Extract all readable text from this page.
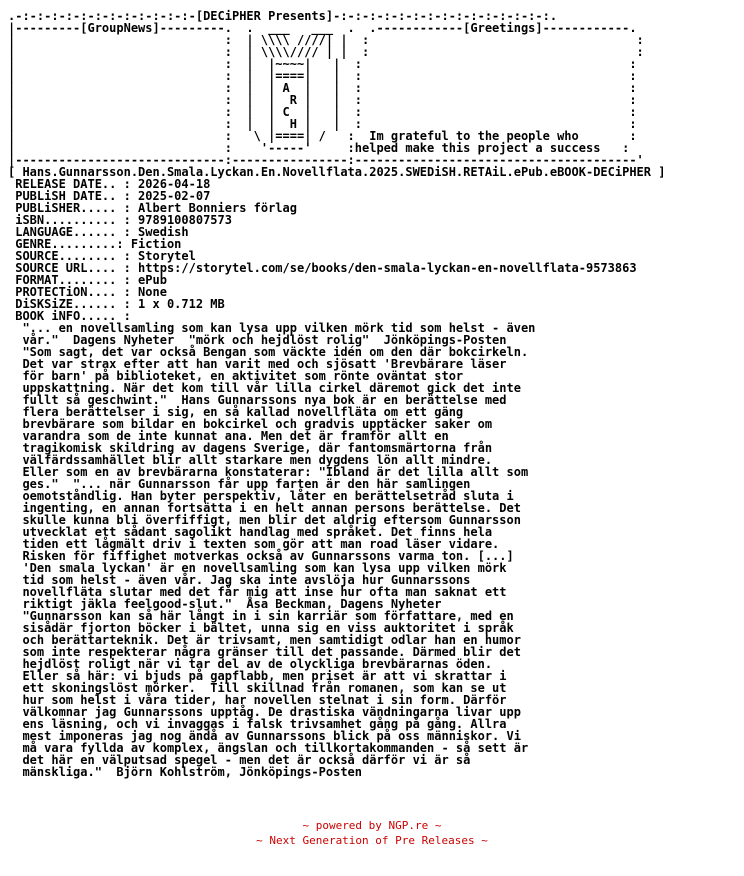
.-:-:-:-:-:-:-:-:-:-:-:-:-[DECiPHER Presents]-:-:-:-:-:-:-:-:-:-:-:-:-:-:-:.
|---------[GroupNews]---------.  .  ___   ___  .  .------------[Greetings]------------.
|                             :  | \\\\ ////| |  :                                     :
|                             :  | \\\\//// | |  :                                     :
|                             :  |  |~~~~|   |  :                                     :
|                             :  |  |====|   |  :                                     :
|                             :  |  | A  |   |  :                                     :
|                             :  |  |  R |   |  :                                     :
|                             :  |  | C  |   |  :                                     :
|                             :  |  |  H |   |  :                                     :
|                             :   \ |====| /   :  Im grateful to the people who       :
|                             :    '-----'     :helped make this project a success   :
|-----------------------------:----------------:---------------------------------------'
[ Hans.Gunnarsson.Den.Smala.Lyckan.En.Novellflata.2025.SWEDiSH.RETAiL.ePub.eBOOK-DECiPHER ]
RELEASE DATE.. : 2026-04-18
PUBLiSH DATE.. : 2025-02-07
PUBLiSHER..... : Albert Bonniers förlag
iSBN.......... : 9789100807573
LANGUAGE...... : Swedish
GENRE.........: Fiction
SOURCE........ : Storytel
SOURCE URL.... : https://storytel.com/se/books/den-smala-lyckan-en-novellflata-9573863
FORMAT........ : ePub
PROTECTiON.... : None
DiSKSiZE...... : 1 x 0.712 MB
BOOK iNFO..... :
"... en novellsamling som kan lysa upp vilken mörk tid som helst - även
vår."  Dagens Nyheter  "mörk och hejdlöst rolig"  Jönköpings-Posten
"Som sagt, det var också Bengan som väckte idén om den där bokcirkeln.
Det var strax efter att han varit med och sjösatt 'Brevbärare läser
för barn' på biblioteket, en aktivitet som rönte oväntat stor
uppskattning. När det kom till vår lilla cirkel däremot gick det inte
fullt så geschwint."  Hans Gunnarssons nya bok är en berättelse med
flera berättelser i sig, en så kallad novellfläta om ett gäng
brevbärare som bildar en bokcirkel och gradvis upptäcker saker om
varandra som de inte kunnat ana. Men det är framför allt en
tragikomisk skildring av dagens Sverige, där fantomsmärtorna från
välfärdssamhället blir allt starkare men dygdens lön allt mindre.
Eller som en av brevbärarna konstaterar: "Ibland är det lilla allt som
ges."  "... när Gunnarsson får upp farten är den här samlingen
oemotståndlig. Han byter perspektiv, låter en berättelsetråd sluta i
ingenting, en annan fortsätta i en helt annan persons berättelse. Det
skulle kunna bli överfiffigt, men blir det aldrig eftersom Gunnarsson
utvecklat ett sådant sagolikt handlag med språket. Det finns hela
tiden ett lågmält driv i texten som gör att man road läser vidare.
Risken för fiffighet motverkas också av Gunnarssons varma ton. [...]
'Den smala lyckan' är en novellsamling som kan lysa upp vilken mörk
tid som helst - även vår. Jag ska inte avslöja hur Gunnarssons
novellfläta slutar med det får mig att inse hur ofta man saknat ett
riktigt jäkla feelgood-slut."  Åsa Beckman, Dagens Nyheter
"Gunnarsson kan så här långt in i sin karriär som författare, med en
sisådär fjorton böcker i bältet, unna sig en viss auktoritet i språk
och berättarteknik. Det är trivsamt, men samtidigt odlar han en humor
som inte respekterar några gränser till det passande. Därmed blir det
hejdlöst roligt när vi tar del av de olyckliga brevbärarnas öden.
Eller så här: vi bjuds på gapflabb, men priset är att vi skrattar i
ett skoningslöst mörker.  Till skillnad från romanen, som kan se ut
hur som helst i våra tider, har novellen stelnat i sin form. Därför
välkomnar jag Gunnarssons upptåg. De drastiska vändningarna livar upp
ens läsning, och vi invaggas i falsk trivsamhet gång på gång. Allra
mest imponeras jag nog ändå av Gunnarssons blick på oss människor. Vi
må vara fyllda av komplex, ängslan och tillkortakommanden - så sett är
det här en välputsad spegel - men det är också därför vi är så
mänskliga."  Björn Kohlström, Jönköpings-Posten
~ powered by NGP.re ~
~ Next Generation of Pre Releases ~
